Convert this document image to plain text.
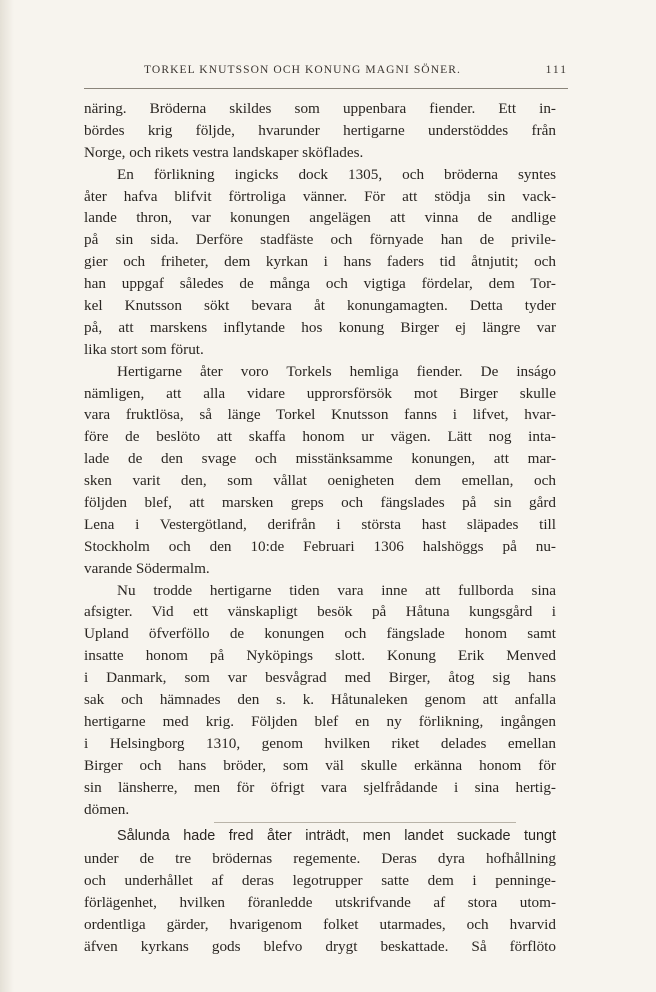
TORKEL KNUTSSON OCH KONUNG MAGNI SÖNER.	111
näring. Bröderna skildes som uppenbara fiender. Ett in-
bördes krig följde, hvarunder hertigarne understöddes från
Norge, och rikets vestra landskaper sköflades.
En förlikning ingicks dock 1305, och bröderna syntes
åter hafva blifvit förtroliga vänner. För att stödja sin vack-
lande thron, var konungen angelägen att vinna de andlige
på sin sida. Derföre stadfäste och förnyade han de privile-
gier och friheter, dem kyrkan i hans faders tid åtnjutit; och
han uppgaf således de många och vigtiga fördelar, dem Tor-
kel Knutsson sökt bevara åt konungamagten. Detta tyder
på, att marskens inflytande hos konung Birger ej längre var
lika stort som förut.
Hertigarne åter voro Torkels hemliga fiender. De inságo
nämligen, att alla vidare upprorsförsök mot Birger skulle
vara fruktlösa, så länge Torkel Knutsson fanns i lifvet, hvar-
före de beslöto att skaffa honom ur vägen. Lätt nog inta-
lade de den svage och misstänksamme konungen, att mar-
sken varit den, som vållat oenigheten dem emellan, och
följden blef, att marsken greps och fängslades på sin gård
Lena i Vestergötland, derifrån i största hast släpades till
Stockholm och den 10:de Februari 1306 halshöggs på nu-
varande Södermalm.
Nu trodde hertigarne tiden vara inne att fullborda sina
afsigter. Vid ett vänskapligt besök på Håtuna kungsgård i
Upland öfverföllo de konungen och fängslade honom samt
insatte honom på Nyköpings slott. Konung Erik Menved
i Danmark, som var besvågrad med Birger, åtog sig hans
sak och hämnades den s. k. Håtunaleken genom att anfalla
hertigarne med krig. Följden blef en ny förlikning, ingången
i Helsingborg 1310, genom hvilken riket delades emellan
Birger och hans bröder, som väl skulle erkänna honom för
sin länsherre, men för öfrigt vara sjelfrådande i sina hertig-
dömen.
Sålunda hade fred åter inträdt, men landet suckade tungt
under de tre brödernas regemente. Deras dyra hofhållning
och underhållet af deras legotrupper satte dem i penninge-
förlägenhet, hvilken föranledde utskrifvande af stora utom-
ordentliga gärder, hvarigenom folket utarmades, och hvarvid
äfven kyrkans gods blefvo drygt beskattade. Så förflöto
